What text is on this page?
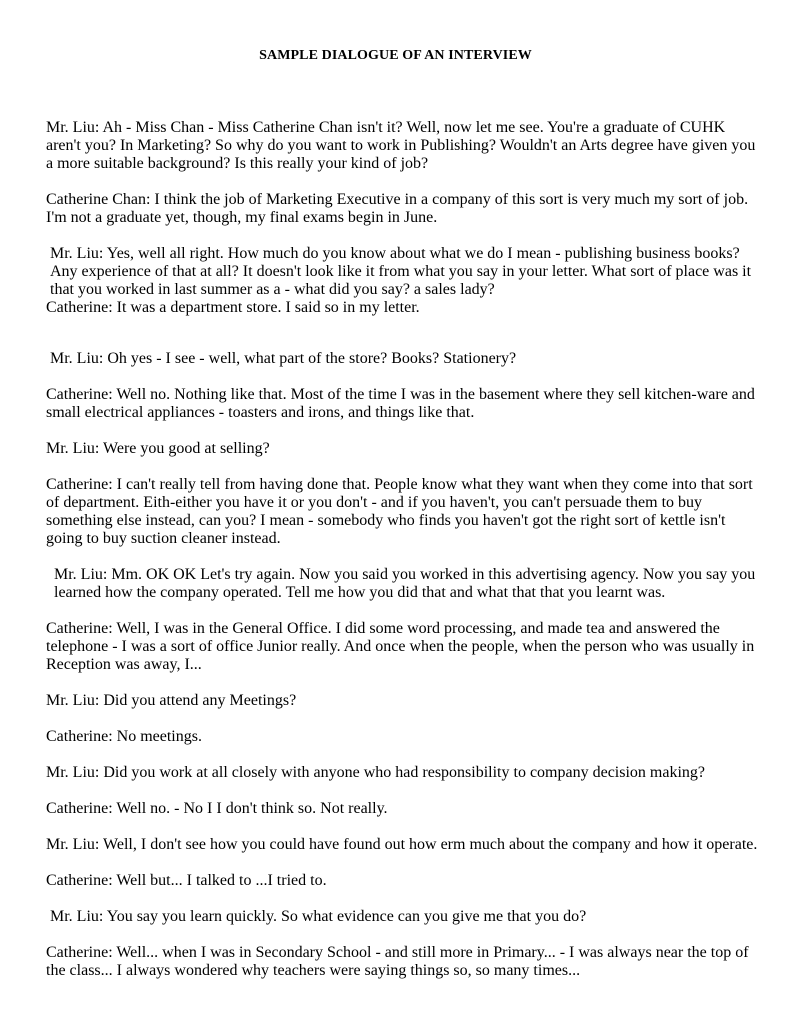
SAMPLE DIALOGUE OF AN INTERVIEW

Mr. Liu: Ah - Miss Chan - Miss Catherine Chan isn't it? Well, now let me see. You're a graduate of CUHK aren't you? In Marketing? So why do you want to work in Publishing? Wouldn't an Arts degree have given you a more suitable background? Is this really your kind of job?

Catherine Chan: I think the job of Marketing Executive in a company of this sort is very much my sort of job. I'm not a graduate yet, though, my final exams begin in June.

Mr. Liu: Yes, well all right. How much do you know about what we do I mean - publishing business books? Any experience of that at all? It doesn't look like it from what you say in your letter. What sort of place was it that you worked in last summer as a - what did you say? a sales lady?

Catherine: It was a department store. I said so in my letter.

Mr. Liu: Oh yes - I see - well, what part of the store? Books? Stationery?

Catherine: Well no. Nothing like that. Most of the time I was in the basement where they sell kitchen-ware and small electrical appliances - toasters and irons, and things like that.

Mr. Liu: Were you good at selling?

Catherine: I can't really tell from having done that. People know what they want when they come into that sort of department. Eith-either you have it or you don't - and if you haven't, you can't persuade them to buy something else instead, can you? I mean - somebody who finds you haven't got the right sort of kettle isn't going to buy suction cleaner instead.

Mr. Liu: Mm. OK OK Let's try again. Now you said you worked in this advertising agency. Now you say you learned how the company operated. Tell me how you did that and what that that you learnt was.

Catherine: Well, I was in the General Office. I did some word processing, and made tea and answered the telephone - I was a sort of office Junior really. And once when the people, when the person who was usually in Reception was away, I...

Mr. Liu: Did you attend any Meetings?

Catherine: No meetings.

Mr. Liu: Did you work at all closely with anyone who had responsibility to company decision making?

Catherine: Well no. - No I I don't think so. Not really.

Mr. Liu: Well, I don't see how you could have found out how erm much about the company and how it operate.

Catherine: Well but... I talked to ...I tried to.

Mr. Liu: You say you learn quickly. So what evidence can you give me that you do?

Catherine: Well... when I was in Secondary School - and still more in Primary... - I was always near the top of the class... I always wondered why teachers were saying things so, so many times...
